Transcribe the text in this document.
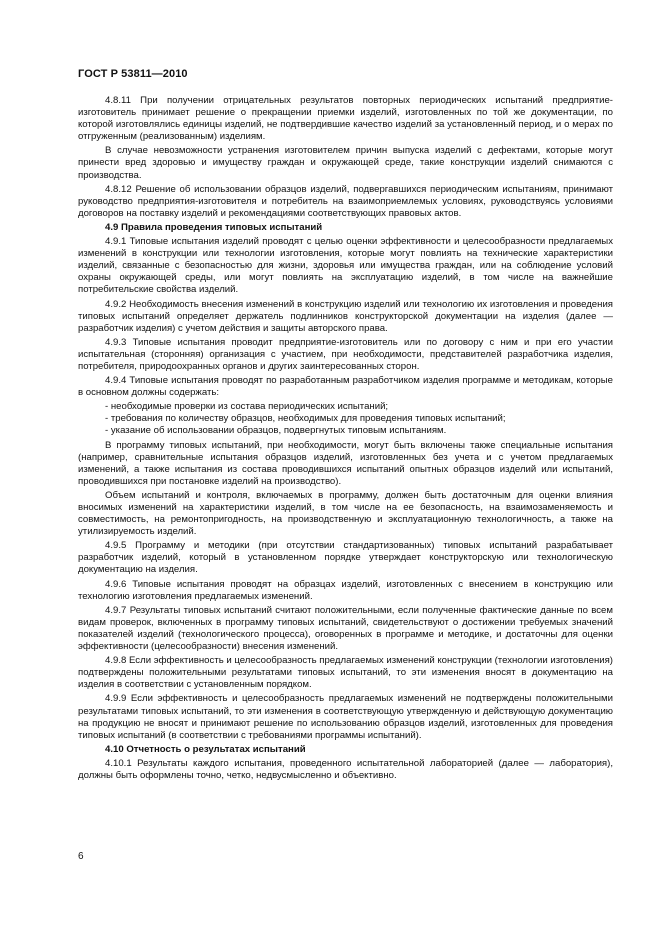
ГОСТ Р 53811—2010

4.8.11 При получении отрицательных результатов повторных периодических испытаний предприятие-изготовитель принимает решение о прекращении приемки изделий, изготовленных по той же документации, по которой изготовлялись единицы изделий, не подтвердившие качество изделий за установленный период, и о мерах по отгруженным (реализованным) изделиям.

В случае невозможности устранения изготовителем причин выпуска изделий с дефектами, которые могут принести вред здоровью и имуществу граждан и окружающей среде, такие конструкции изделий снимаются с производства.

4.8.12 Решение об использовании образцов изделий, подвергавшихся периодическим испытаниям, принимают руководство предприятия-изготовителя и потребитель на взаимоприемлемых условиях, руководствуясь условиями договоров на поставку изделий и рекомендациями соответствующих правовых актов.

4.9 Правила проведения типовых испытаний

4.9.1 Типовые испытания изделий проводят с целью оценки эффективности и целесообразности предлагаемых изменений в конструкции или технологии изготовления, которые могут повлиять на технические характеристики изделий, связанные с безопасностью для жизни, здоровья или имущества граждан, или на соблюдение условий охраны окружающей среды, или могут повлиять на эксплуатацию изделий, в том числе на важнейшие потребительские свойства изделий.

4.9.2 Необходимость внесения изменений в конструкцию изделий или технологию их изготовления и проведения типовых испытаний определяет держатель подлинников конструкторской документации на изделия (далее — разработчик изделия) с учетом действия и защиты авторского права.

4.9.3 Типовые испытания проводит предприятие-изготовитель или по договору с ним и при его участии испытательная (сторонняя) организация с участием, при необходимости, представителей разработчика изделия, потребителя, природоохранных органов и других заинтересованных сторон.

4.9.4 Типовые испытания проводят по разработанным разработчиком изделия программе и методикам, которые в основном должны содержать:

- необходимые проверки из состава периодических испытаний;

- требования по количеству образцов, необходимых для проведения типовых испытаний;

- указание об использовании образцов, подвергнутых типовым испытаниям.

В программу типовых испытаний, при необходимости, могут быть включены также специальные испытания (например, сравнительные испытания образцов изделий, изготовленных без учета и с учетом предлагаемых изменений, а также испытания из состава проводившихся испытаний опытных образцов изделий или испытаний, проводившихся при постановке изделий на производство).

Объем испытаний и контроля, включаемых в программу, должен быть достаточным для оценки влияния вносимых изменений на характеристики изделий, в том числе на ее безопасность, на взаимозаменяемость и совместимость, на ремонтопригодность, на производственную и эксплуатационную технологичность, а также на утилизируемость изделий.

4.9.5 Программу и методики (при отсутствии стандартизованных) типовых испытаний разрабатывает разработчик изделий, который в установленном порядке утверждает конструкторскую или технологическую документацию на изделия.

4.9.6 Типовые испытания проводят на образцах изделий, изготовленных с внесением в конструкцию или технологию изготовления предлагаемых изменений.

4.9.7 Результаты типовых испытаний считают положительными, если полученные фактические данные по всем видам проверок, включенных в программу типовых испытаний, свидетельствуют о достижении требуемых значений показателей изделий (технологического процесса), оговоренных в программе и методике, и достаточны для оценки эффективности (целесообразности) внесения изменений.

4.9.8 Если эффективность и целесообразность предлагаемых изменений конструкции (технологии изготовления) подтверждены положительными результатами типовых испытаний, то эти изменения вносят в документацию на изделия в соответствии с установленным порядком.

4.9.9 Если эффективность и целесообразность предлагаемых изменений не подтверждены положительными результатами типовых испытаний, то эти изменения в соответствующую утвержденную и действующую документацию на продукцию не вносят и принимают решение по использованию образцов изделий, изготовленных для проведения типовых испытаний (в соответствии с требованиями программы испытаний).

4.10 Отчетность о результатах испытаний

4.10.1 Результаты каждого испытания, проведенного испытательной лабораторией (далее — лаборатория), должны быть оформлены точно, четко, недвусмысленно и объективно.

6
